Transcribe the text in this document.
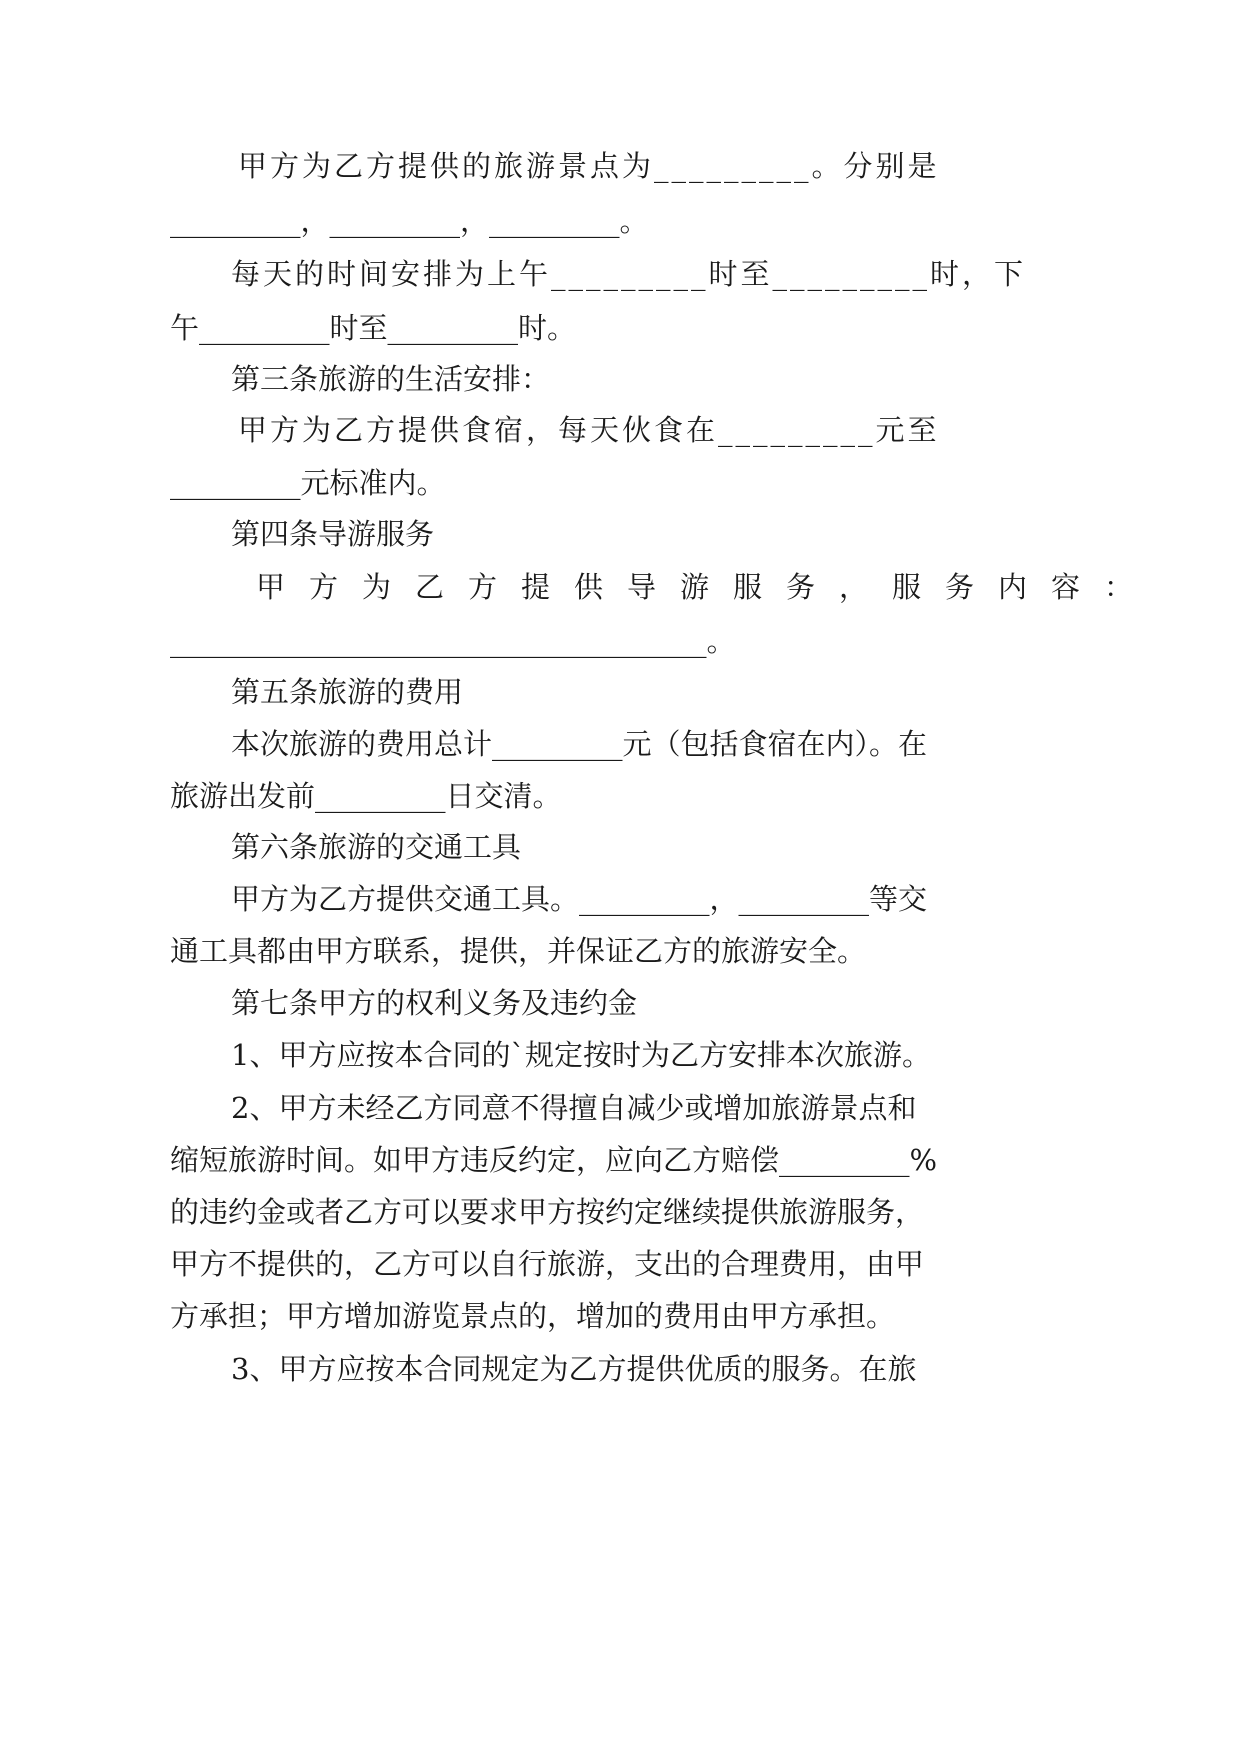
甲方为乙方提供的旅游景点为_________。分别是
_________，_________，_________。
每天的时间安排为上午_________时至_________时，下
午_________时至_________时。
第三条旅游的生活安排：
甲方为乙方提供食宿，每天伙食在_________元至
_________元标准内。
第四条导游服务
甲方为乙方提供导游服务，服务内容：
_____________________________________。
第五条旅游的费用
本次旅游的费用总计_________元（包括食宿在内）。在
旅游出发前_________日交清。
第六条旅游的交通工具
甲方为乙方提供交通工具。_________，_________等交
通工具都由甲方联系，提供，并保证乙方的旅游安全。
第七条甲方的权利义务及违约金
1、甲方应按本合同的`规定按时为乙方安排本次旅游。
2、甲方未经乙方同意不得擅自减少或增加旅游景点和
缩短旅游时间。如甲方违反约定，应向乙方赔偿_________%
的违约金或者乙方可以要求甲方按约定继续提供旅游服务，
甲方不提供的，乙方可以自行旅游，支出的合理费用，由甲
方承担；甲方增加游览景点的，增加的费用由甲方承担。
3、甲方应按本合同规定为乙方提供优质的服务。在旅
